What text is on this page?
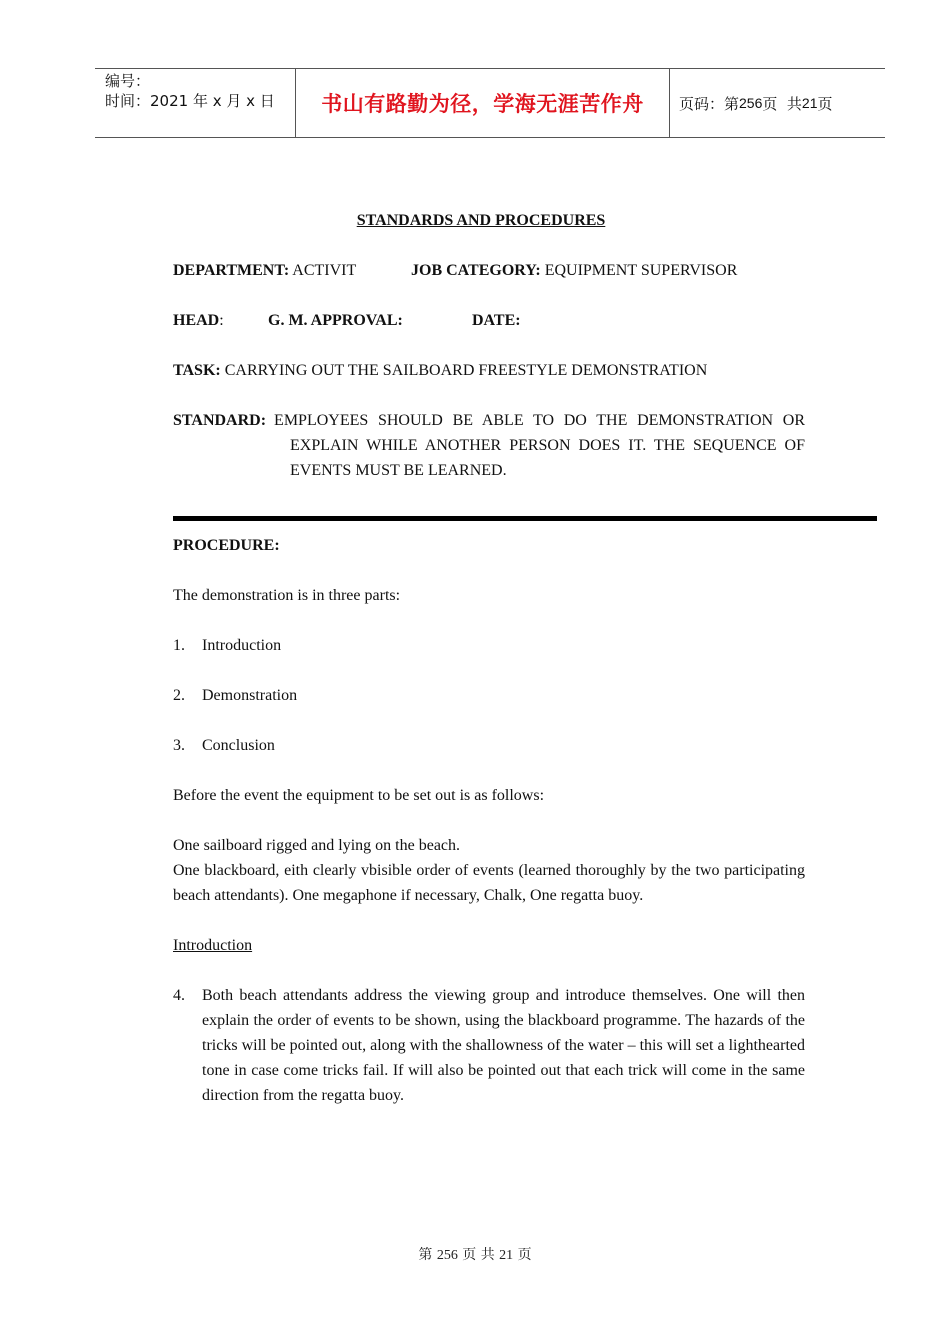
编号：
时间：2021 年 x 月 x 日	书山有路勤为径，学海无涯苦作舟 页码：第 256 页  共 21 页
STANDARDS AND PROCEDURES
DEPARTMENT: ACTIVIT	JOB CATEGORY: EQUIPMENT SUPERVISOR
HEAD:	G. M. APPROVAL:	DATE:
TASK: CARRYING OUT THE SAILBOARD FREESTYLE DEMONSTRATION
STANDARD: EMPLOYEES SHOULD BE ABLE TO DO THE DEMONSTRATION OR
EXPLAIN WHILE ANOTHER PERSON DOES IT. THE SEQUENCE OF EVENTS MUST BE LEARNED.

PROCEDURE:

The demonstration is in three parts:

1. Introduction
2. Demonstration
3. Conclusion

Before the event the equipment to be set out is as follows:

One sailboard rigged and lying on the beach.

One blackboard, eith clearly vbisible order of events (learned thoroughly by the two participating beach attendants). One megaphone if necessary, Chalk, One regatta buoy.

Introduction

4. Both beach attendants address the viewing group and introduce themselves. One will then explain the order of events to be shown, using the blackboard programme. The hazards of the tricks will be pointed out, along with the shallowness of the water – this will set a lighthearted tone in case come tricks fail. If will also be pointed out that each trick will come in the same direction from the regatta buoy.
第 256 页 共 21 页
